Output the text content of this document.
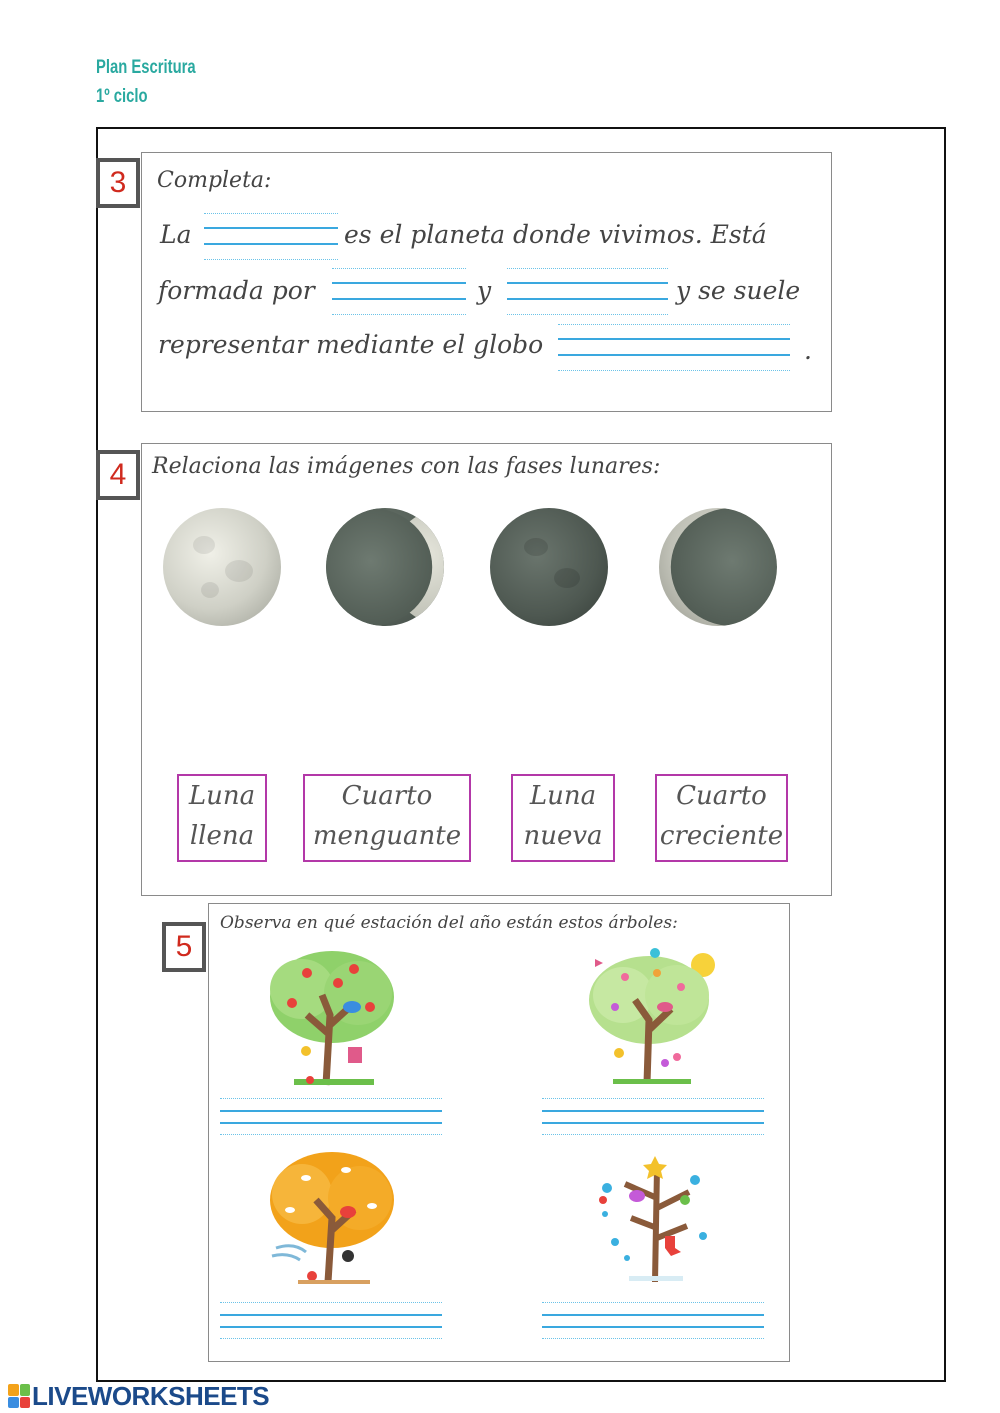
Plan Escritura
1º ciclo
3	Completa:
La	es el planeta donde vivimos. Está
formada por	y	y se suele
representar mediante el globo	.
4	Relaciona las imágenes con las fases lunares:
Luna
llena
Cuarto
menguante
Luna
nueva
Cuarto
creciente
5
Observa en qué estación del año están estos árboles:
LIVEWORKSHEETS
